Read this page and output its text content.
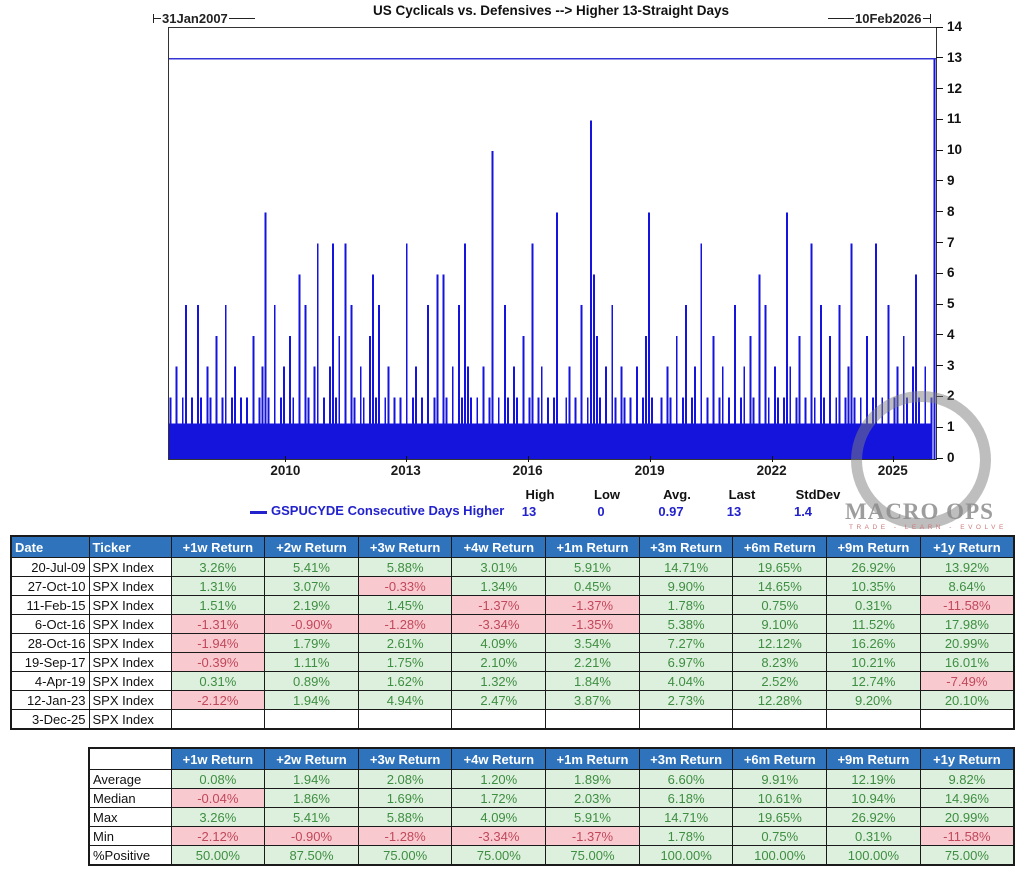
US Cyclicals vs. Defensives --> Higher 13-Straight Days
31Jan2007	10Feb2026
0
1
2
3
4
5
6
7
8
9
10
11
12
13
14
2010	2013	2016	2019	2022	2025
MACRO OPS
TRADE - LEARN - EVOLVE
High
13
Low
0
Avg.
0.97
Last
13
StdDev
1.4
GSPUCYDE Consecutive Days Higher
Date	Ticker	+1w Return	+2w Return	+3w Return	+4w Return	+1m Return	+3m Return	+6m Return	+9m Return	+1y Return
20-Jul-09	SPX Index	3.26%	5.41%	5.88%	3.01%	5.91%	14.71%	19.65%	26.92%	13.92%
27-Oct-10	SPX Index	1.31%	3.07%	-0.33%	1.34%	0.45%	9.90%	14.65%	10.35%	8.64%
11-Feb-15	SPX Index	1.51%	2.19%	1.45%	-1.37%	-1.37%	1.78%	0.75%	0.31%	-11.58%
6-Oct-16	SPX Index	-1.31%	-0.90%	-1.28%	-3.34%	-1.35%	5.38%	9.10%	11.52%	17.98%
28-Oct-16	SPX Index	-1.94%	1.79%	2.61%	4.09%	3.54%	7.27%	12.12%	16.26%	20.99%
19-Sep-17	SPX Index	-0.39%	1.11%	1.75%	2.10%	2.21%	6.97%	8.23%	10.21%	16.01%
4-Apr-19	SPX Index	0.31%	0.89%	1.62%	1.32%	1.84%	4.04%	2.52%	12.74%	-7.49%
12-Jan-23	SPX Index	-2.12%	1.94%	4.94%	2.47%	3.87%	2.73%	12.28%	9.20%	20.10%
3-Dec-25	SPX Index									
	+1w Return	+2w Return	+3w Return	+4w Return	+1m Return	+3m Return	+6m Return	+9m Return	+1y Return
Average	0.08%	1.94%	2.08%	1.20%	1.89%	6.60%	9.91%	12.19%	9.82%
Median	-0.04%	1.86%	1.69%	1.72%	2.03%	6.18%	10.61%	10.94%	14.96%
Max	3.26%	5.41%	5.88%	4.09%	5.91%	14.71%	19.65%	26.92%	20.99%
Min	-2.12%	-0.90%	-1.28%	-3.34%	-1.37%	1.78%	0.75%	0.31%	-11.58%
%Positive	50.00%	87.50%	75.00%	75.00%	75.00%	100.00%	100.00%	100.00%	75.00%
